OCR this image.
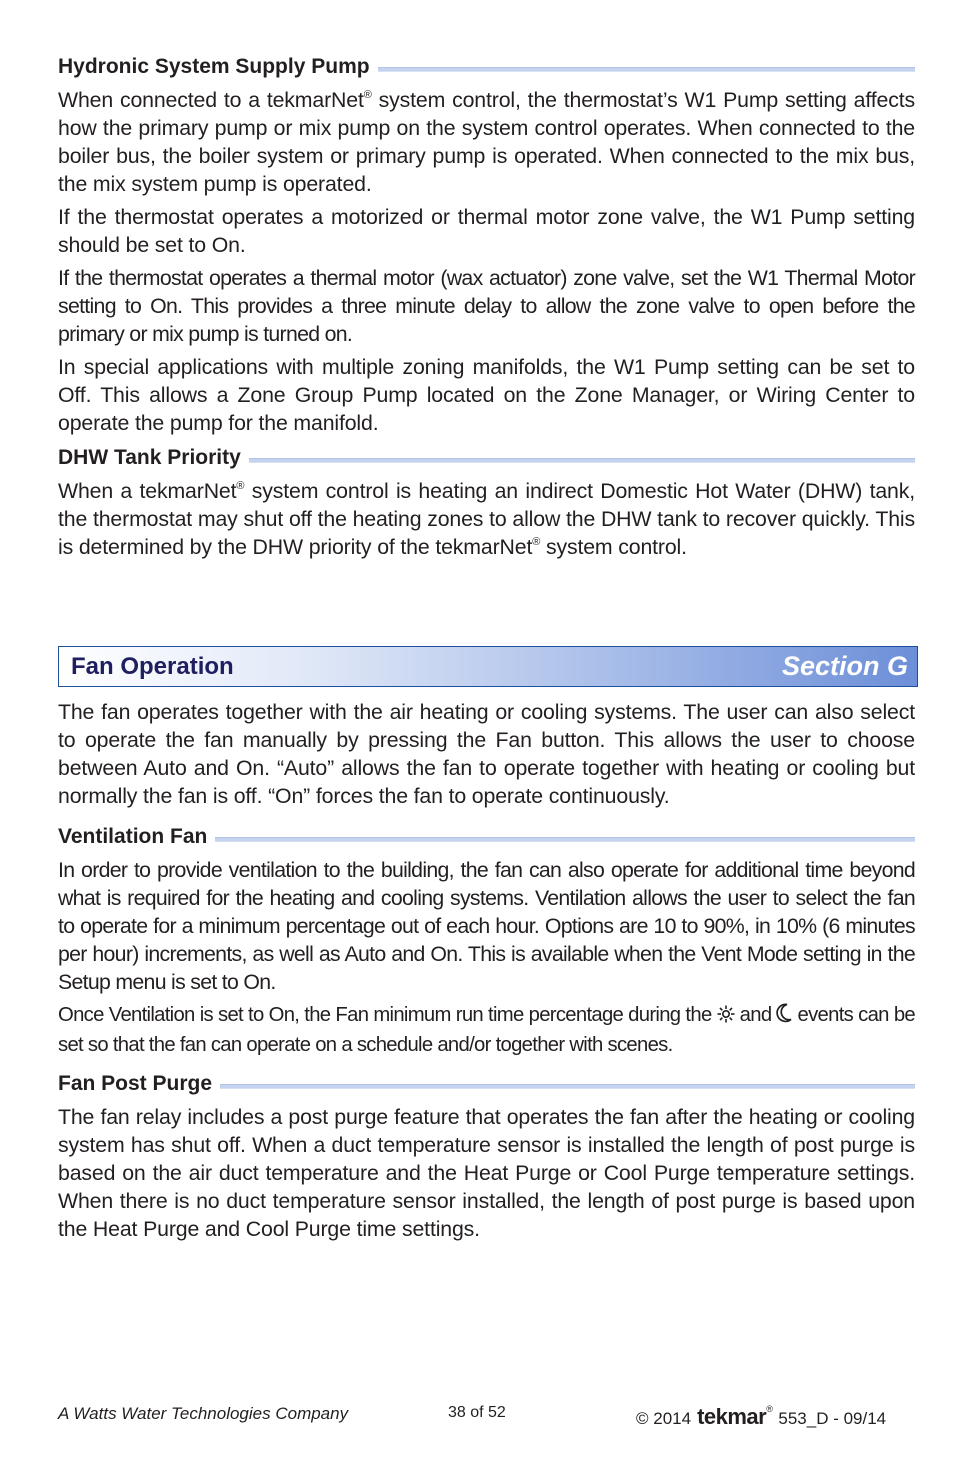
Hydronic System Supply Pump

When connected to a tekmarNet® system control, the thermostat’s W1 Pump setting affects how the primary pump or mix pump on the system control operates. When connected to the boiler bus, the boiler system or primary pump is operated. When connected to the mix bus, the mix system pump is operated.

If the thermostat operates a motorized or thermal motor zone valve, the W1 Pump setting should be set to On.

If the thermostat operates a thermal motor (wax actuator) zone valve, set the W1 Thermal Motor setting to On. This provides a three minute delay to allow the zone valve to open before the primary or mix pump is turned on.

In special applications with multiple zoning manifolds, the W1 Pump setting can be set to Off. This allows a Zone Group Pump located on the Zone Manager, or Wiring Center to operate the pump for the manifold.

DHW Tank Priority

When a tekmarNet® system control is heating an indirect Domestic Hot Water (DHW) tank, the thermostat may shut off the heating zones to allow the DHW tank to recover quickly. This is determined by the DHW priority of the tekmarNet® system control.

Fan Operation	Section G

The fan operates together with the air heating or cooling systems. The user can also select to operate the fan manually by pressing the Fan button. This allows the user to choose between Auto and On. “Auto” allows the fan to operate together with heating or cooling but normally the fan is off. “On” forces the fan to operate continuously.

Ventilation Fan

In order to provide ventilation to the building, the fan can also operate for additional time beyond what is required for the heating and cooling systems. Ventilation allows the user to select the fan to operate for a minimum percentage out of each hour. Options are 10 to 90%, in 10% (6 minutes per hour) increments, as well as Auto and On. This is available when the Vent Mode setting in the Setup menu is set to On.

Once Ventilation is set to On, the Fan minimum run time percentage during the  and  events can be set so that the fan can operate on a schedule and/or together with scenes.

Fan Post Purge

The fan relay includes a post purge feature that operates the fan after the heating or cooling system has shut off. When a duct temperature sensor is installed the length of post purge is based on the air duct temperature and the Heat Purge or Cool Purge temperature settings. When there is no duct temperature sensor installed, the length of post purge is based upon the Heat Purge and Cool Purge time settings.

A Watts Water Technologies Company	38 of 52	© 2014 tekmar® 553_D - 09/14
